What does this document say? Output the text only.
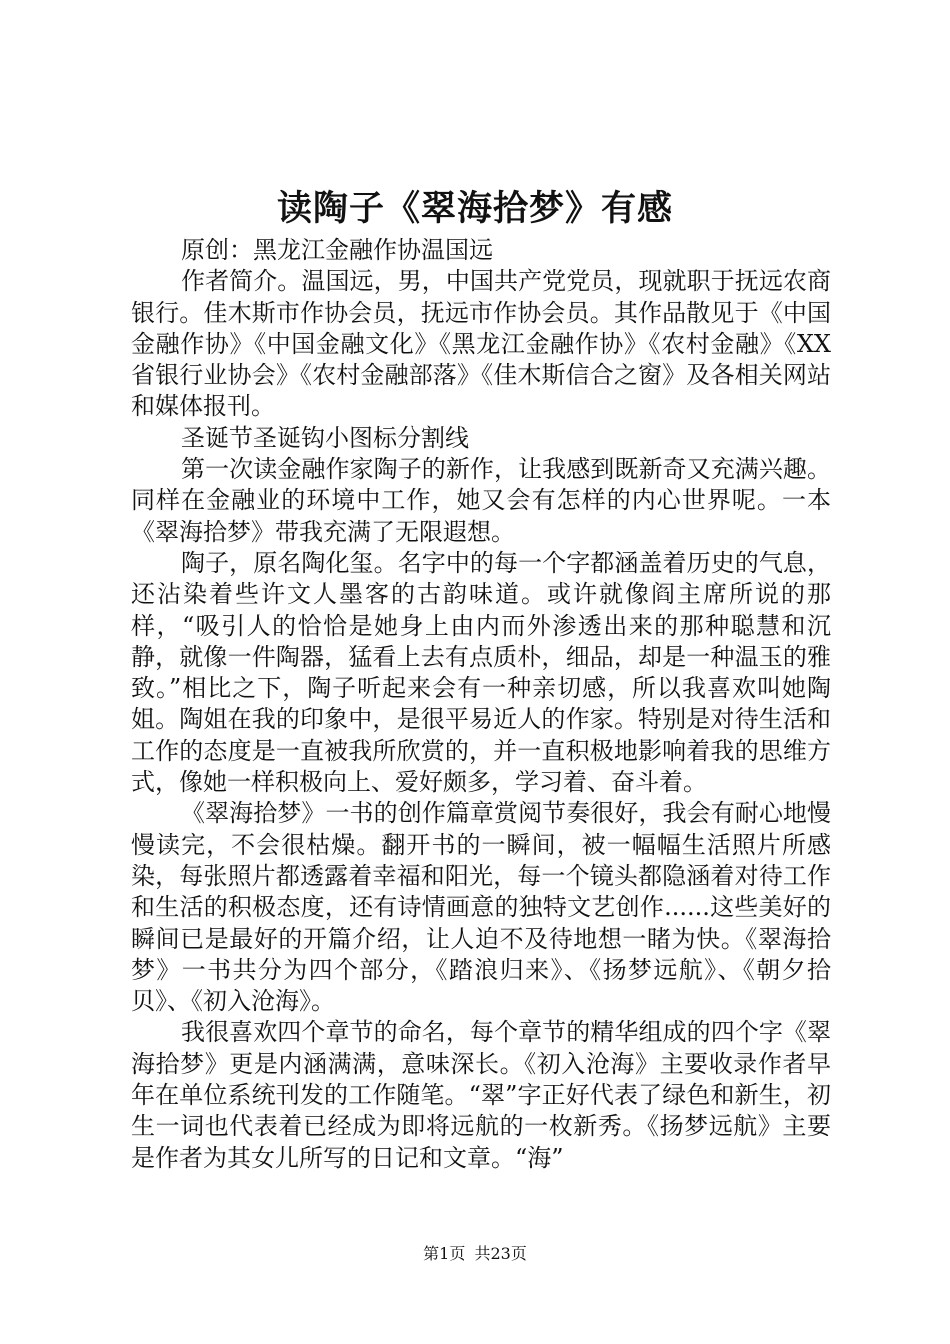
读陶子《翠海拾梦》有感

原创：黑龙江金融作协温国远

作者简介。温国远，男，中国共产党党员，现就职于抚远农商银行。佳木斯市作协会员，抚远市作协会员。其作品散见于《中国金融作协》《中国金融文化》《黑龙江金融作协》《农村金融》《XX省银行业协会》《农村金融部落》《佳木斯信合之窗》及各相关网站和媒体报刊。

圣诞节圣诞钩小图标分割线

第一次读金融作家陶子的新作，让我感到既新奇又充满兴趣。同样在金融业的环境中工作，她又会有怎样的内心世界呢。一本《翠海拾梦》带我充满了无限遐想。

陶子，原名陶化玺。名字中的每一个字都涵盖着历史的气息，还沾染着些许文人墨客的古韵味道。或许就像阎主席所说的那样，“吸引人的恰恰是她身上由内而外渗透出来的那种聪慧和沉静，就像一件陶器，猛看上去有点质朴，细品，却是一种温玉的雅致。”相比之下，陶子听起来会有一种亲切感，所以我喜欢叫她陶姐。陶姐在我的印象中，是很平易近人的作家。特别是对待生活和工作的态度是一直被我所欣赏的，并一直积极地影响着我的思维方式，像她一样积极向上、爱好颇多，学习着、奋斗着。

《翠海拾梦》一书的创作篇章赏阅节奏很好，我会有耐心地慢慢读完，不会很枯燥。翻开书的一瞬间，被一幅幅生活照片所感染，每张照片都透露着幸福和阳光，每一个镜头都隐涵着对待工作和生活的积极态度，还有诗情画意的独特文艺创作......这些美好的瞬间已是最好的开篇介绍，让人迫不及待地想一睹为快。《翠海拾梦》一书共分为四个部分，《踏浪归来》、《扬梦远航》、《朝夕拾贝》、《初入沧海》。

我很喜欢四个章节的命名，每个章节的精华组成的四个字《翠海拾梦》更是内涵满满，意味深长。《初入沧海》主要收录作者早年在单位系统刊发的工作随笔。“翠”字正好代表了绿色和新生，初生一词也代表着已经成为即将远航的一枚新秀。《扬梦远航》主要是作者为其女儿所写的日记和文章。“海”

第1页 共23页
